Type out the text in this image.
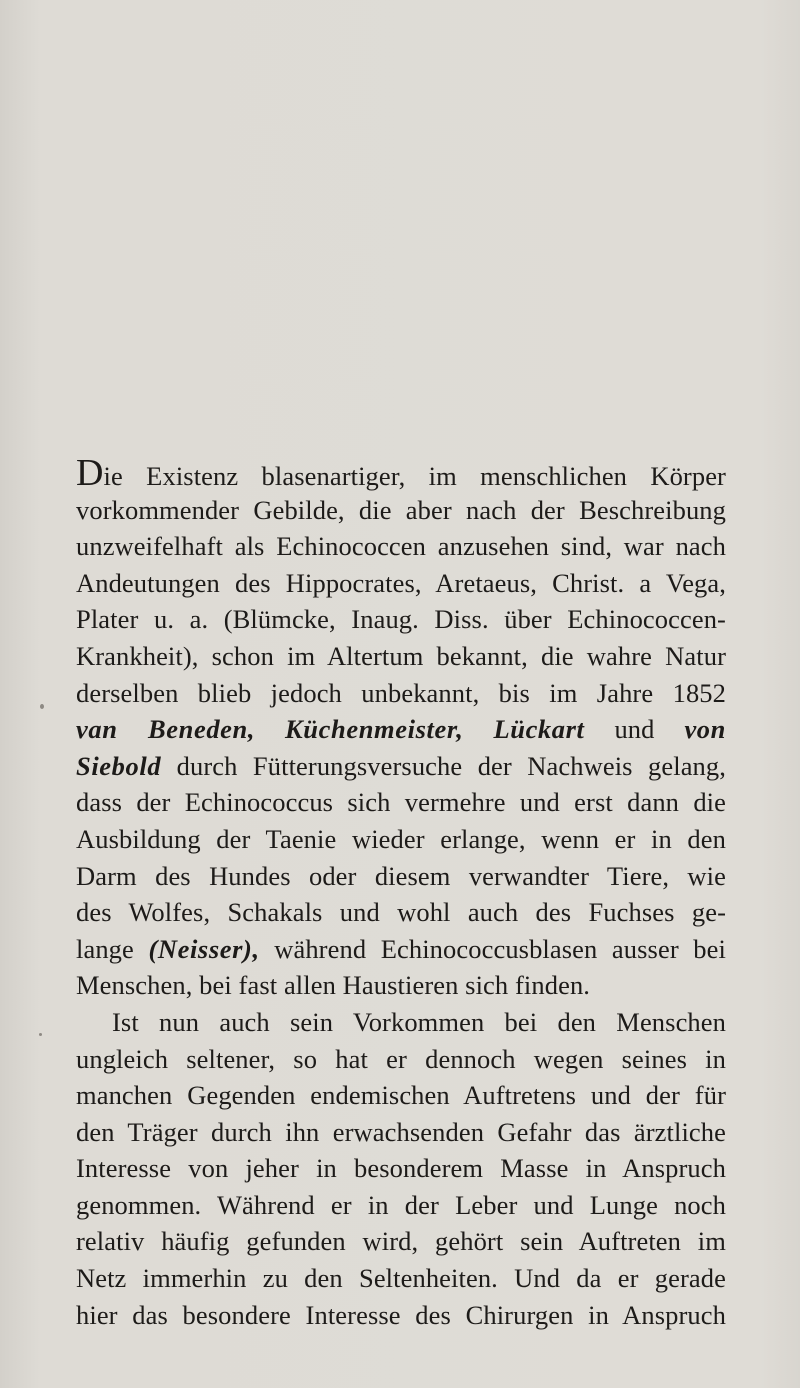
Die Existenz blasenartiger, im menschlichen Körper
vorkommender Gebilde, die aber nach der Beschreibung
unzweifelhaft als Echinococcen anzusehen sind, war nach
Andeutungen des Hippocrates, Aretaeus, Christ. a Vega,
Plater u. a. (Blümcke, Inaug. Diss. über Echinococcen-
Krankheit), schon im Altertum bekannt, die wahre Natur
derselben blieb jedoch unbekannt, bis im Jahre 1852
van Beneden, Küchenmeister, Lückart und von
Siebold durch Fütterungsversuche der Nachweis gelang,
dass der Echinococcus sich vermehre und erst dann die
Ausbildung der Taenie wieder erlange, wenn er in den
Darm des Hundes oder diesem verwandter Tiere, wie
des Wolfes, Schakals und wohl auch des Fuchses ge-
lange (Neisser), während Echinococcusblasen ausser bei
Menschen, bei fast allen Haustieren sich finden.
Ist nun auch sein Vorkommen bei den Menschen
ungleich seltener, so hat er dennoch wegen seines in
manchen Gegenden endemischen Auftretens und der für
den Träger durch ihn erwachsenden Gefahr das ärztliche
Interesse von jeher in besonderem Masse in Anspruch
genommen. Während er in der Leber und Lunge noch
relativ häufig gefunden wird, gehört sein Auftreten im
Netz immerhin zu den Seltenheiten. Und da er gerade
hier das besondere Interesse des Chirurgen in Anspruch
